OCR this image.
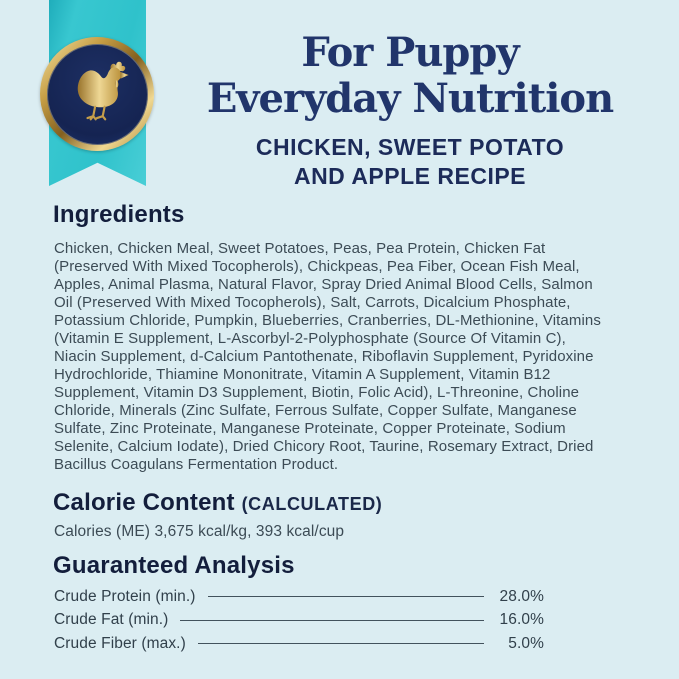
For Puppy
Everyday Nutrition
CHICKEN, SWEET POTATO
AND APPLE RECIPE
Ingredients
Chicken, Chicken Meal, Sweet Potatoes, Peas, Pea Protein, Chicken Fat
(Preserved With Mixed Tocopherols), Chickpeas, Pea Fiber, Ocean Fish Meal,
Apples, Animal Plasma, Natural Flavor, Spray Dried Animal Blood Cells, Salmon
Oil (Preserved With Mixed Tocopherols), Salt, Carrots, Dicalcium Phosphate,
Potassium Chloride, Pumpkin, Blueberries, Cranberries, DL-Methionine, Vitamins
(Vitamin E Supplement, L-Ascorbyl-2-Polyphosphate (Source Of Vitamin C),
Niacin Supplement, d-Calcium Pantothenate, Riboflavin Supplement, Pyridoxine
Hydrochloride, Thiamine Mononitrate, Vitamin A Supplement, Vitamin B12
Supplement, Vitamin D3 Supplement, Biotin, Folic Acid), L-Threonine, Choline
Chloride, Minerals (Zinc Sulfate, Ferrous Sulfate, Copper Sulfate, Manganese
Sulfate, Zinc Proteinate, Manganese Proteinate, Copper Proteinate, Sodium
Selenite, Calcium Iodate), Dried Chicory Root, Taurine, Rosemary Extract, Dried
Bacillus Coagulans Fermentation Product.
Calorie Content (CALCULATED)
Calories (ME) 3,675 kcal/kg, 393 kcal/cup
Guaranteed Analysis
Crude Protein (min.)	28.0%
Crude Fat (min.)	16.0%
Crude Fiber (max.)	5.0%
